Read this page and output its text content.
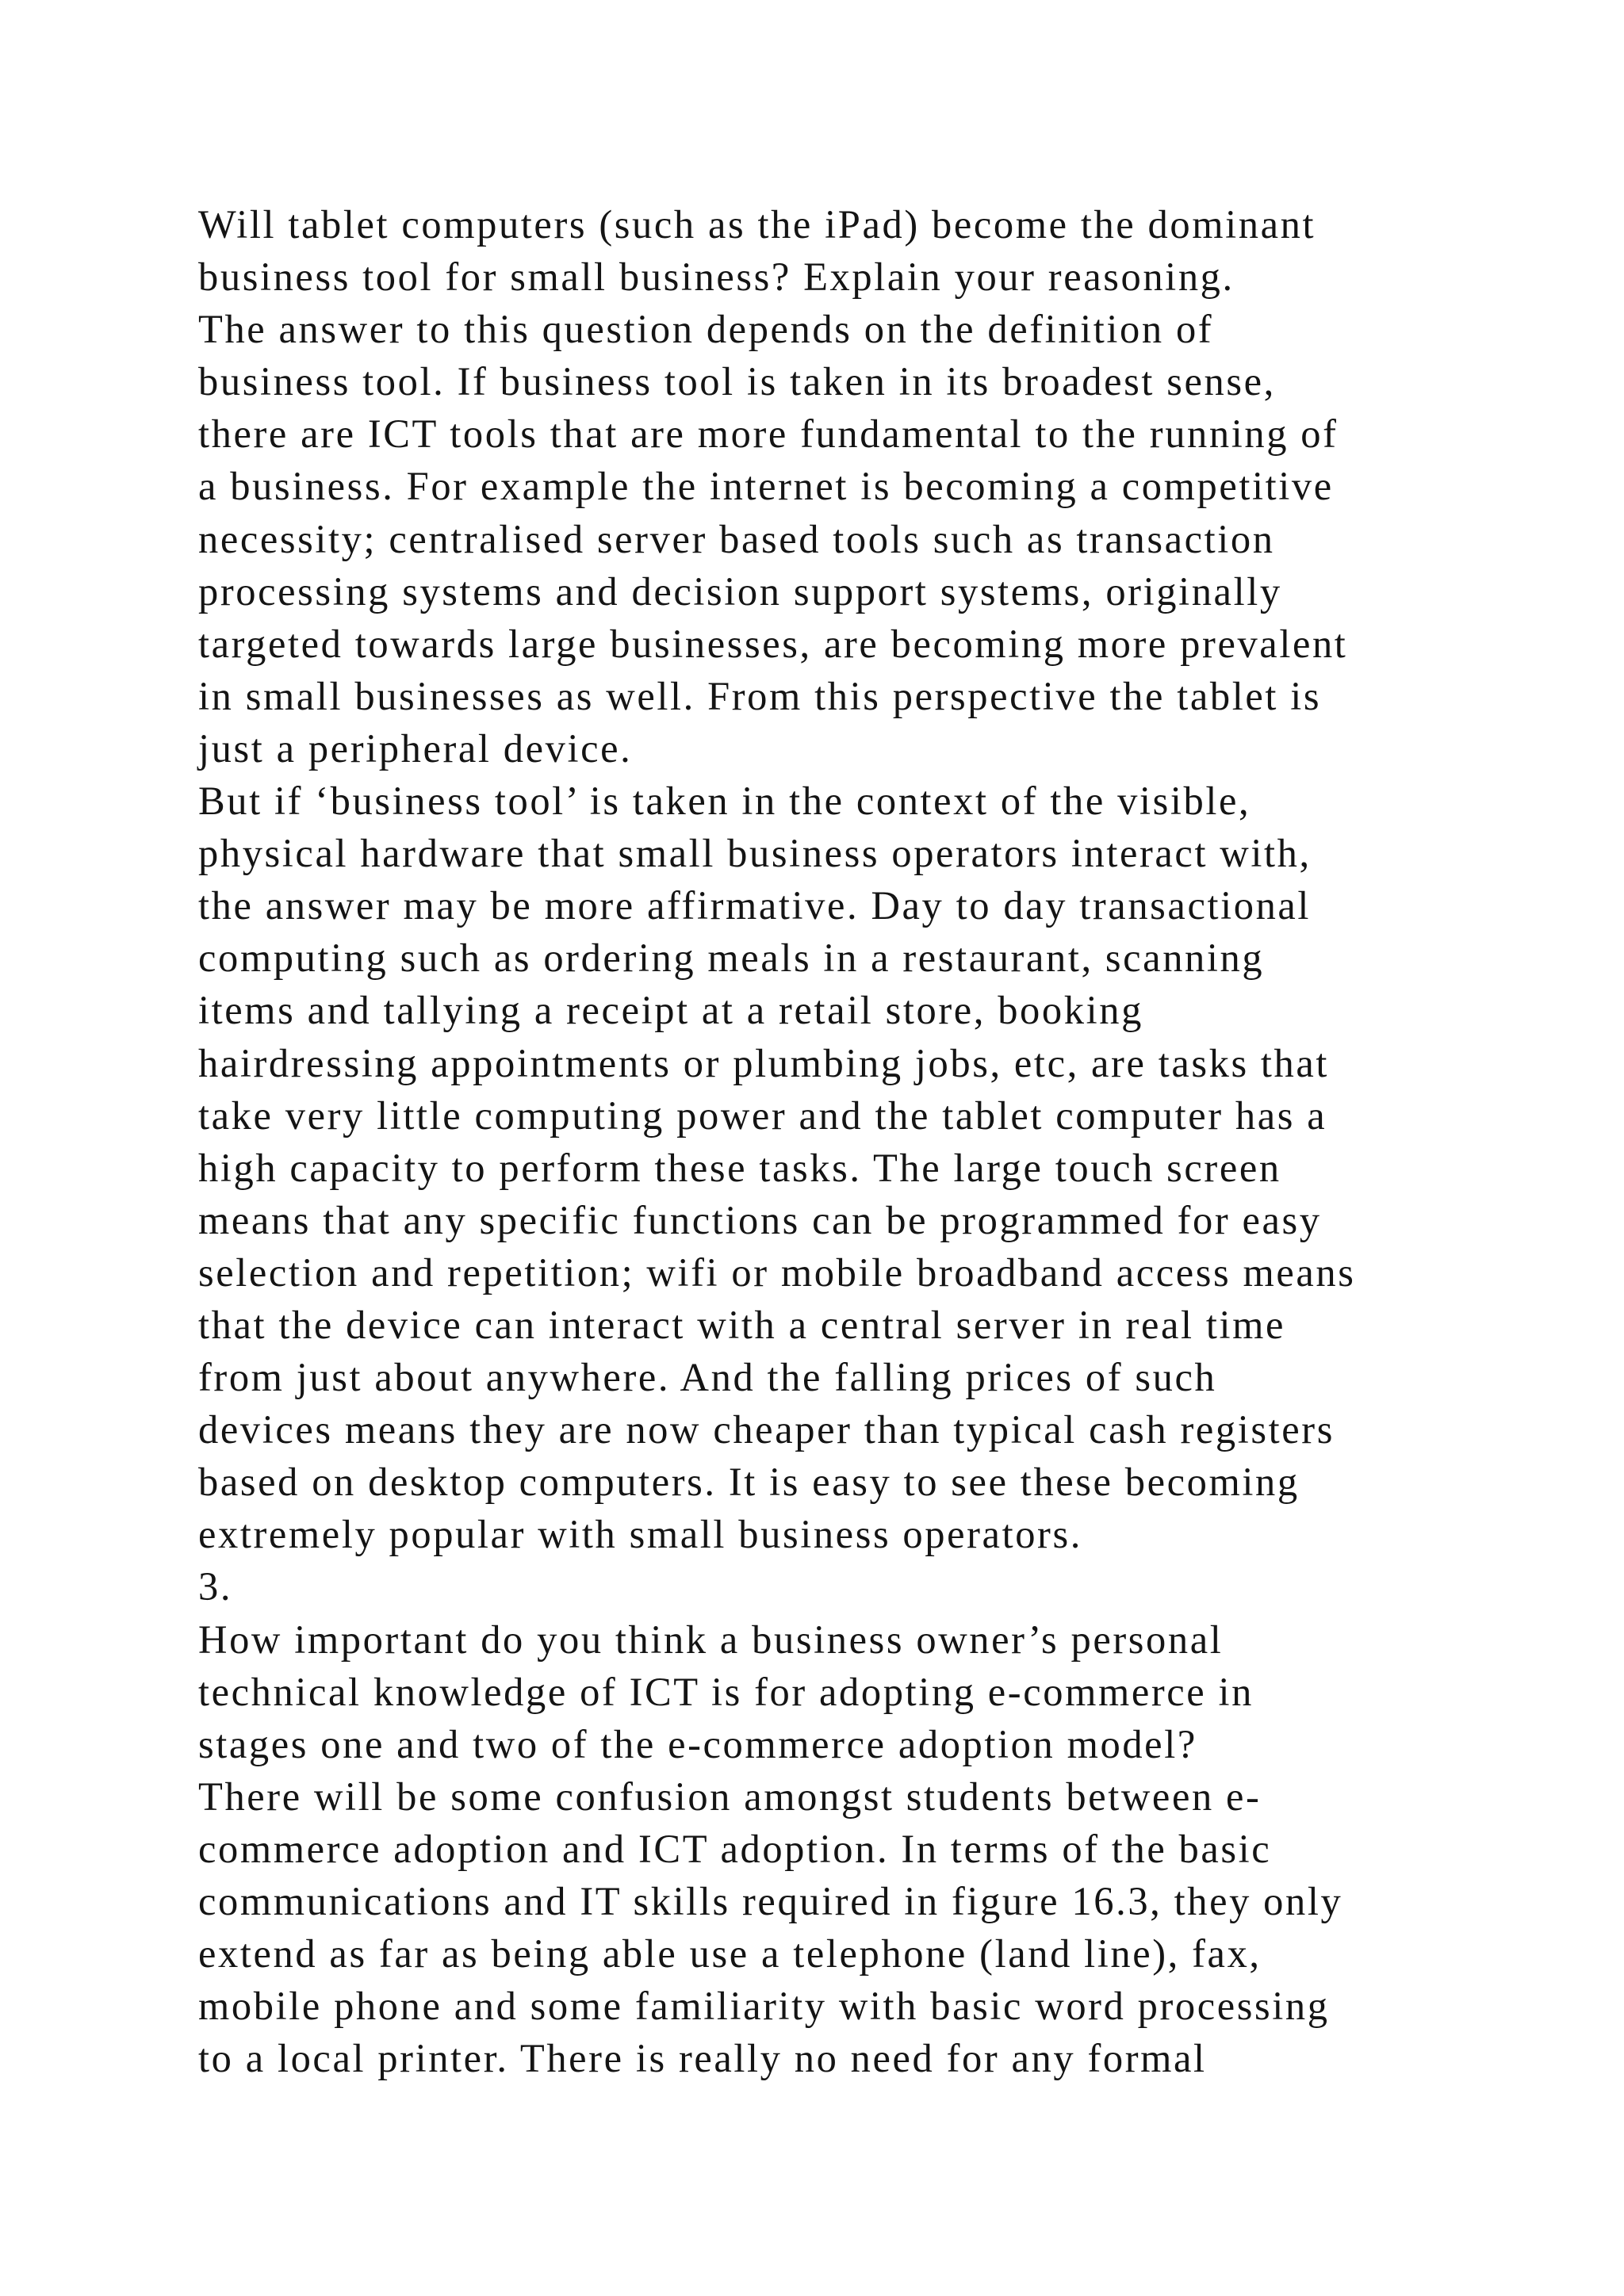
Will tablet computers (such as the iPad) become the dominant
business tool for small business? Explain your reasoning.
The answer to this question depends on the definition of
business tool. If business tool is taken in its broadest sense,
there are ICT tools that are more fundamental to the running of
a business. For example the internet is becoming a competitive
necessity; centralised server based tools such as transaction
processing systems and decision support systems, originally
targeted towards large businesses, are becoming more prevalent
in small businesses as well. From this perspective the tablet is
just a peripheral device.
But if ‘business tool’ is taken in the context of the visible,
physical hardware that small business operators interact with,
the answer may be more affirmative. Day to day transactional
computing such as ordering meals in a restaurant, scanning
items and tallying a receipt at a retail store, booking
hairdressing appointments or plumbing jobs, etc, are tasks that
take very little computing power and the tablet computer has a
high capacity to perform these tasks. The large touch screen
means that any specific functions can be programmed for easy
selection and repetition; wifi or mobile broadband access means
that the device can interact with a central server in real time
from just about anywhere. And the falling prices of such
devices means they are now cheaper than typical cash registers
based on desktop computers. It is easy to see these becoming
extremely popular with small business operators.
3.
How important do you think a business owner’s personal
technical knowledge of ICT is for adopting e-commerce in
stages one and two of the e-commerce adoption model?
There will be some confusion amongst students between e-
commerce adoption and ICT adoption. In terms of the basic
communications and IT skills required in figure 16.3, they only
extend as far as being able use a telephone (land line), fax,
mobile phone and some familiarity with basic word processing
to a local printer. There is really no need for any formal
